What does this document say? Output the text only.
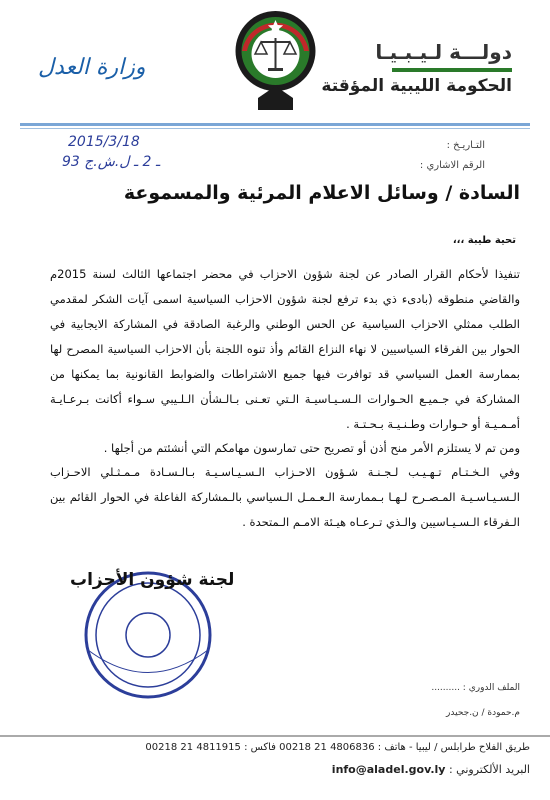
دولـــة لـيـبـيـا
الحكومة الليبية المؤقتة
وزارة العدل
التـاريـخ :
2015/3/18
الرقم الاشاري :
93 ـ 2 ـ ل.ش.ج
السادة / وسائل الاعلام المرئية والمسموعة
تحية طيبة ،،،
تنفيذا لأحكام القرار الصادر عن لجنة شؤون الاحزاب في محضر اجتماعها الثالث لسنة 2015م والقاضي منطوقه (بادىء ذي بدء ترفع لجنة شؤون الاحزاب السياسية اسمى آيات الشكر لمقدمي الطلب ممثلي الاحزاب السياسية عن الحس الوطني والرغبة الصادقة في المشاركة الايجابية في الحوار بين الفرقاء السياسيين لا نهاء النزاع القائم وأذ تنوه اللجنة بأن الاحزاب السياسية المصرح لها بممارسة العمل السياسي قد توافرت فيها جميع الاشتراطات والضوابط القانونية بما يمكنها من المشاركة في جـميـع الحـوارات الـسـيـاسيـة الـتي تعـنى بـالـشأن الـلـيبي سـواء أكانت بـرعـايـة أمـمـيـة أو حـوارات وطـنـيـة بـحـتـة .
ومن تم لا يستلزم الأمر منح أذن أو تصريح حتى تمارسون مهامكم التي أنشئتم من أجلها .
وفي الـخـتـام تـهـيـب لـجـنـة شـؤون الاحـزاب الـسـيـاسـيـة بـالـسـادة مـمـثـلي الاحـزاب الـسـيـاسـيـة المـصـرح لـهـا بـممارسة الـعـمـل الـسياسي بالـمشاركة الفاعلة في الحوار القائم بين الـفرقاء الـسـيـاسيين والـذي تـرعـاه هيـئة الامـم الـمتحدة .
لجنة شؤون الأحزاب
الملف الدوري : ..........
م.حمودة / ن.جحيدر
طريق الفلاح طرابلس / ليبيا - هاتف : 4806836 21 00218 فاكس : 4811915 21 00218
البريد الألكتروني : info@aladel.gov.ly
